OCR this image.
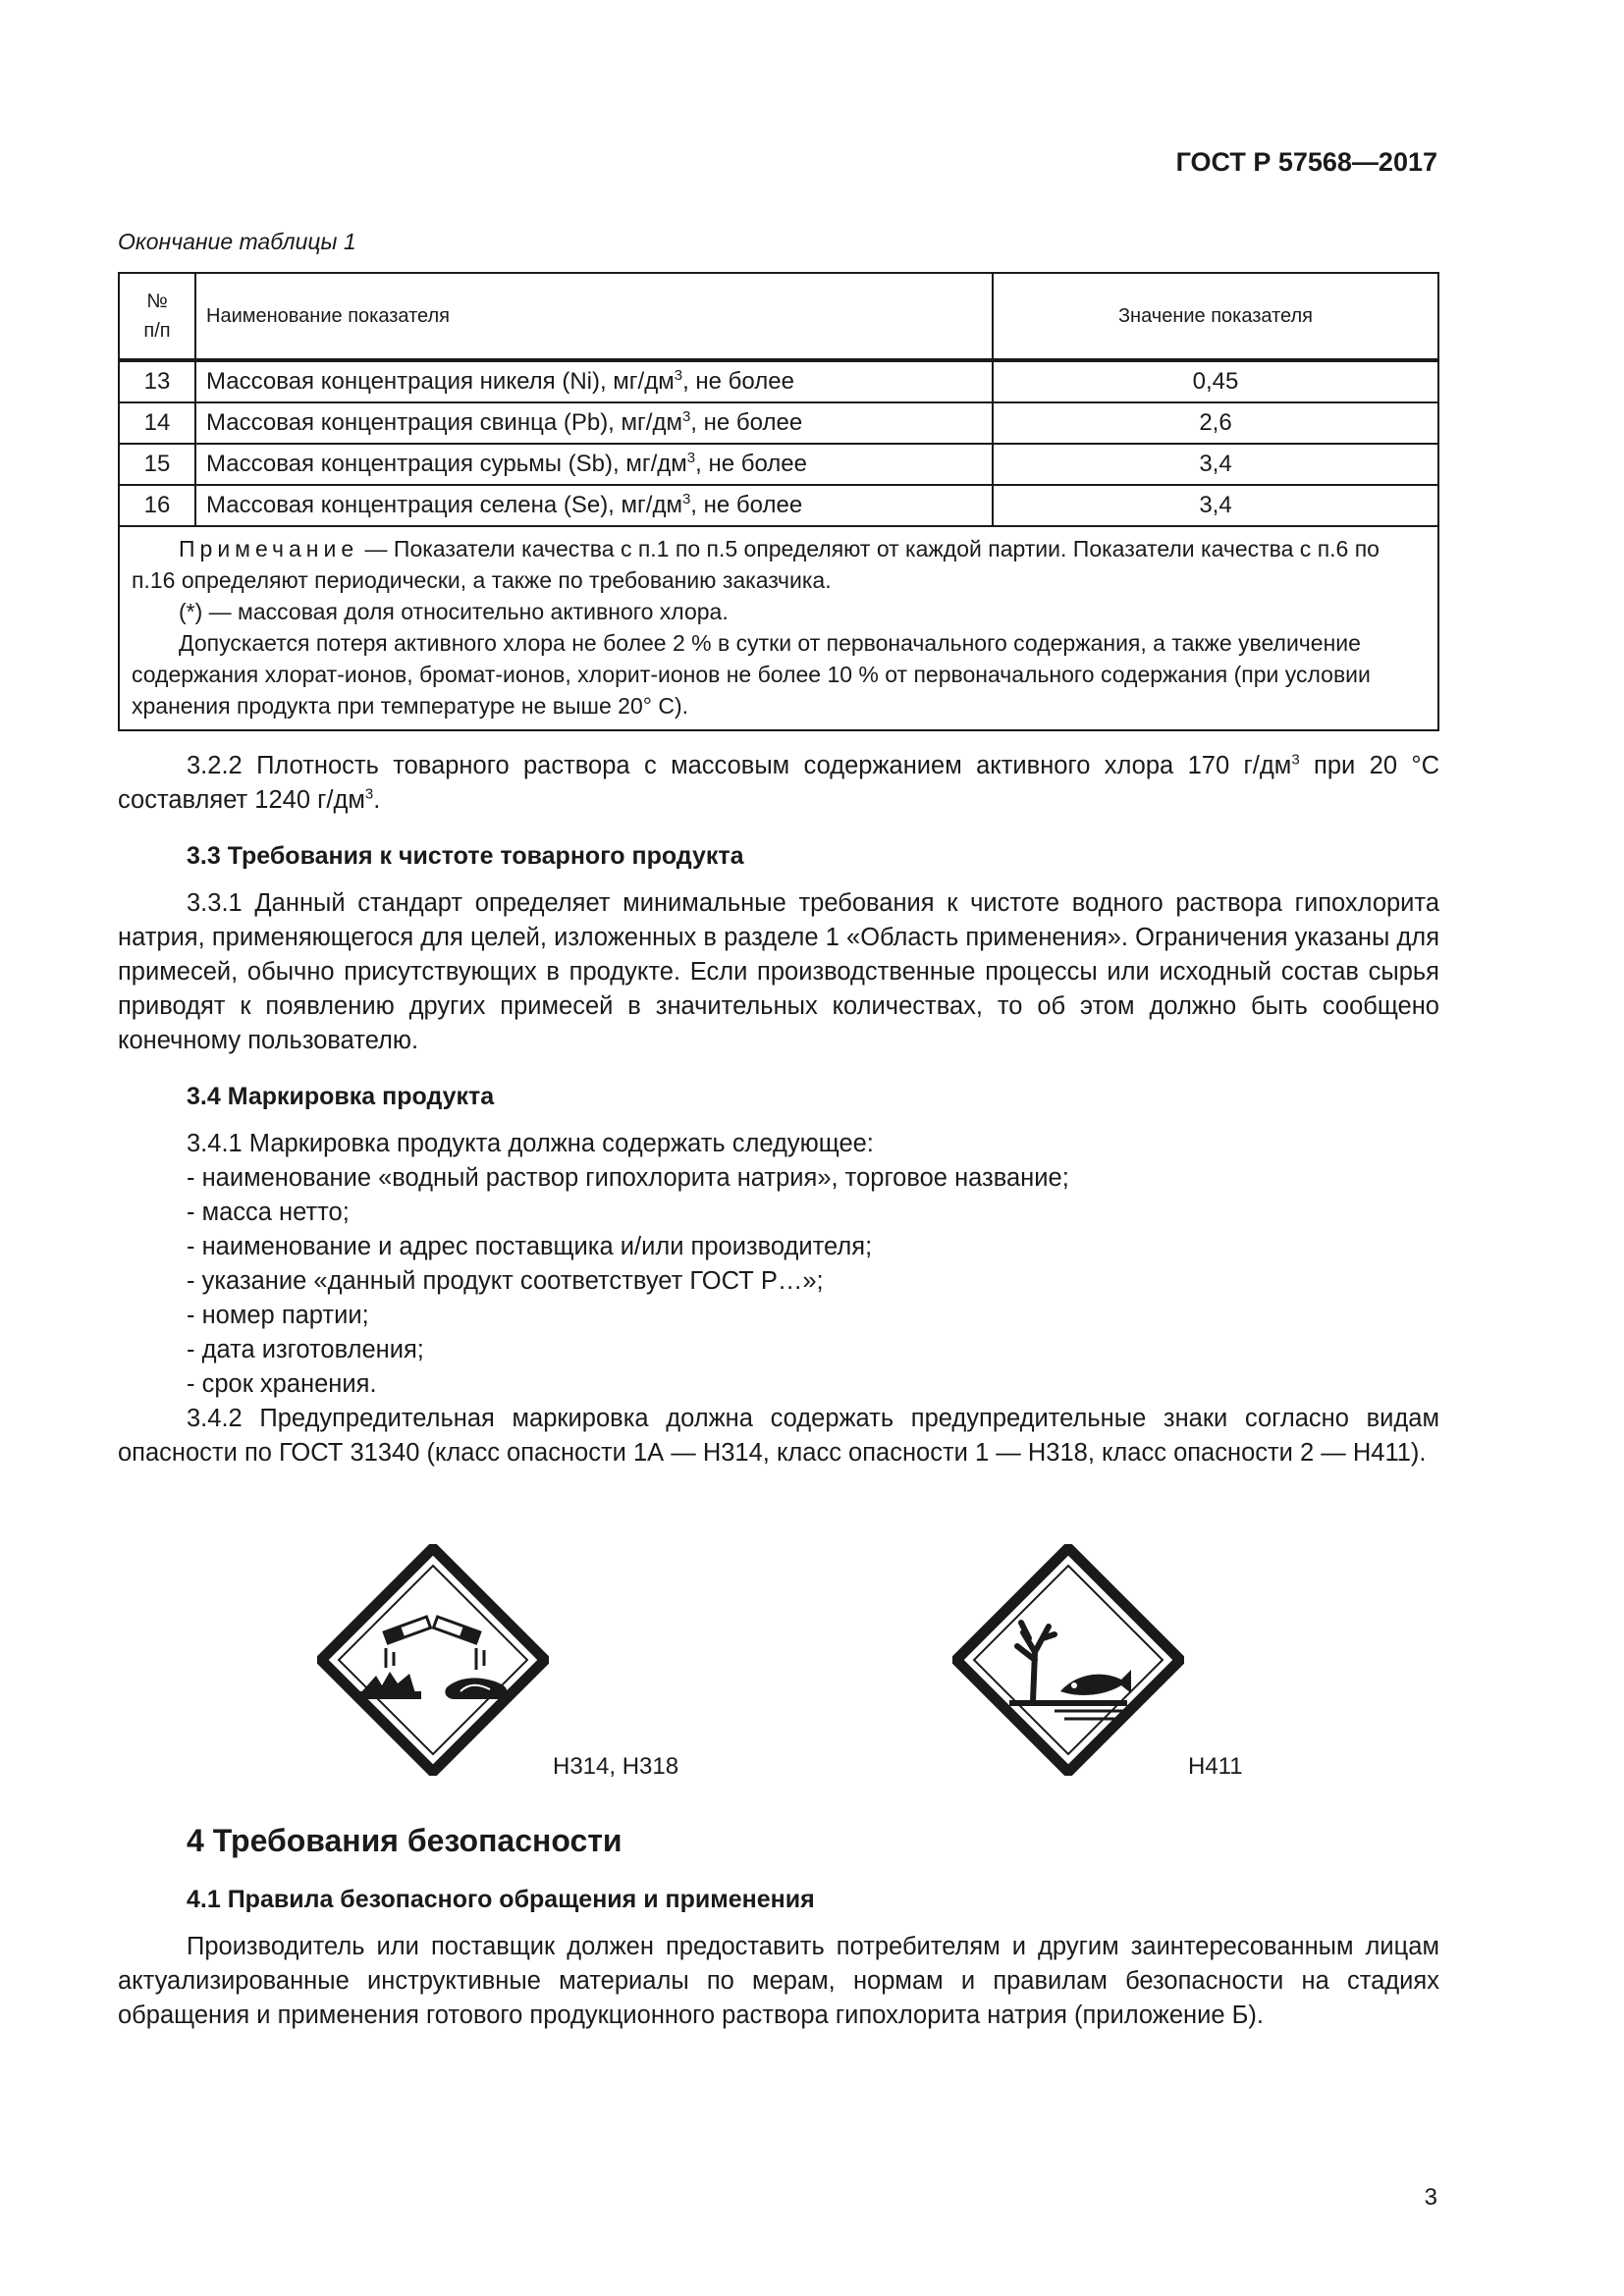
ГОСТ Р 57568—2017
Окончание таблицы 1
№
п/п	Наименование показателя	Значение показателя
13	Массовая концентрация никеля (Ni), $мг/дм^3$, не более	0,45
14	Массовая концентрация свинца (Pb), $мг/дм^3$, не более	2,6
15	Массовая концентрация сурьмы (Sb), $мг/дм^3$, не более	3,4
16	Массовая концентрация селена (Se), $мг/дм^3$, не более	3,4

Примечание — Показатели качества с п.1 по п.5 определяют от каждой партии. Показатели качества с п.6 по п.16 определяют периодически, а также по требованию заказчика.

(*) — массовая доля относительно активного хлора.

Допускается потеря активного хлора не более 2 % в сутки от первоначального содержания, а также увеличение содержания хлорат-ионов, бромат-ионов, хлорит-ионов не более 10 % от первоначального содержания (при условии хранения продукта при температуре не выше 20° С).		

3.2.2 Плотность товарного раствора с массовым содержанием активного хлора 170 $г/дм^3$ при 20 °С составляет 1240 $г/дм^3$.

3.3 Требования к чистоте товарного продукта

3.3.1 Данный стандарт определяет минимальные требования к чистоте водного раствора гипохлорита натрия, применяющегося для целей, изложенных в разделе 1 «Область применения». Ограничения указаны для примесей, обычно присутствующих в продукте. Если производственные процессы или исходный состав сырья приводят к появлению других примесей в значительных количествах, то об этом должно быть сообщено конечному пользователю.

3.4 Маркировка продукта

3.4.1 Маркировка продукта должна содержать следующее:

- наименование «водный раствор гипохлорита натрия», торговое название;

- масса нетто;

- наименование и адрес поставщика и/или производителя;

- указание «данный продукт соответствует ГОСТ Р…»;

- номер партии;

- дата изготовления;

- срок хранения.

3.4.2 Предупредительная маркировка должна содержать предупредительные знаки согласно видам опасности по ГОСТ 31340 (класс опасности 1А — Н314, класс опасности 1 — Н318, класс опасности 2 — Н411).

Н314, Н318	Н411
4 Требования безопасности
4.1 Правила безопасного обращения и применения

Производитель или поставщик должен предоставить потребителям и другим заинтересованным лицам актуализированные инструктивные материалы по мерам, нормам и правилам безопасности на стадиях обращения и применения готового продукционного раствора гипохлорита натрия (приложение Б).

3
